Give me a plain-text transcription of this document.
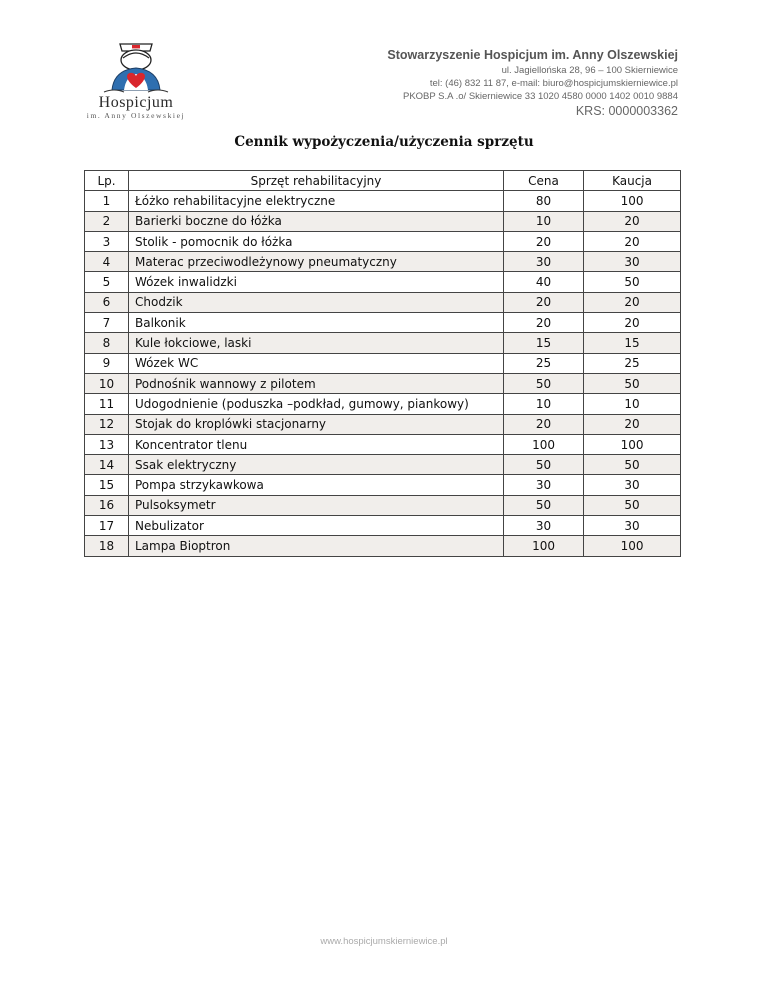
Hospicjum
im. Anny Olszewskiej
Stowarzyszenie Hospicjum im. Anny Olszewskiej
ul. Jagiellońska 28, 96 – 100 Skierniewice
tel: (46) 832 11 87, e-mail: biuro@hospicjumskierniewice.pl
PKOBP S.A .o/ Skierniewice 33 1020 4580 0000 1402 0010 9884
KRS: 0000003362
Cennik wypożyczenia/użyczenia sprzętu
Lp.	Sprzęt rehabilitacyjny	Cena	Kaucja
1	Łóżko rehabilitacyjne elektryczne	80	100
2	Barierki boczne do łóżka	10	20
3	Stolik - pomocnik do łóżka	20	20
4	Materac przeciwodleżynowy pneumatyczny	30	30
5	Wózek inwalidzki	40	50
6	Chodzik	20	20
7	Balkonik	20	20
8	Kule łokciowe, laski	15	15
9	Wózek WC	25	25
10	Podnośnik wannowy z pilotem	50	50
11	Udogodnienie (poduszka –podkład, gumowy, piankowy)	10	10
12	Stojak do kroplówki stacjonarny	20	20
13	Koncentrator tlenu	100	100
14	Ssak elektryczny	50	50
15	Pompa strzykawkowa	30	30
16	Pulsoksymetr	50	50
17	Nebulizator	30	30
18	Lampa Bioptron	100	100
www.hospicjumskierniewice.pl
